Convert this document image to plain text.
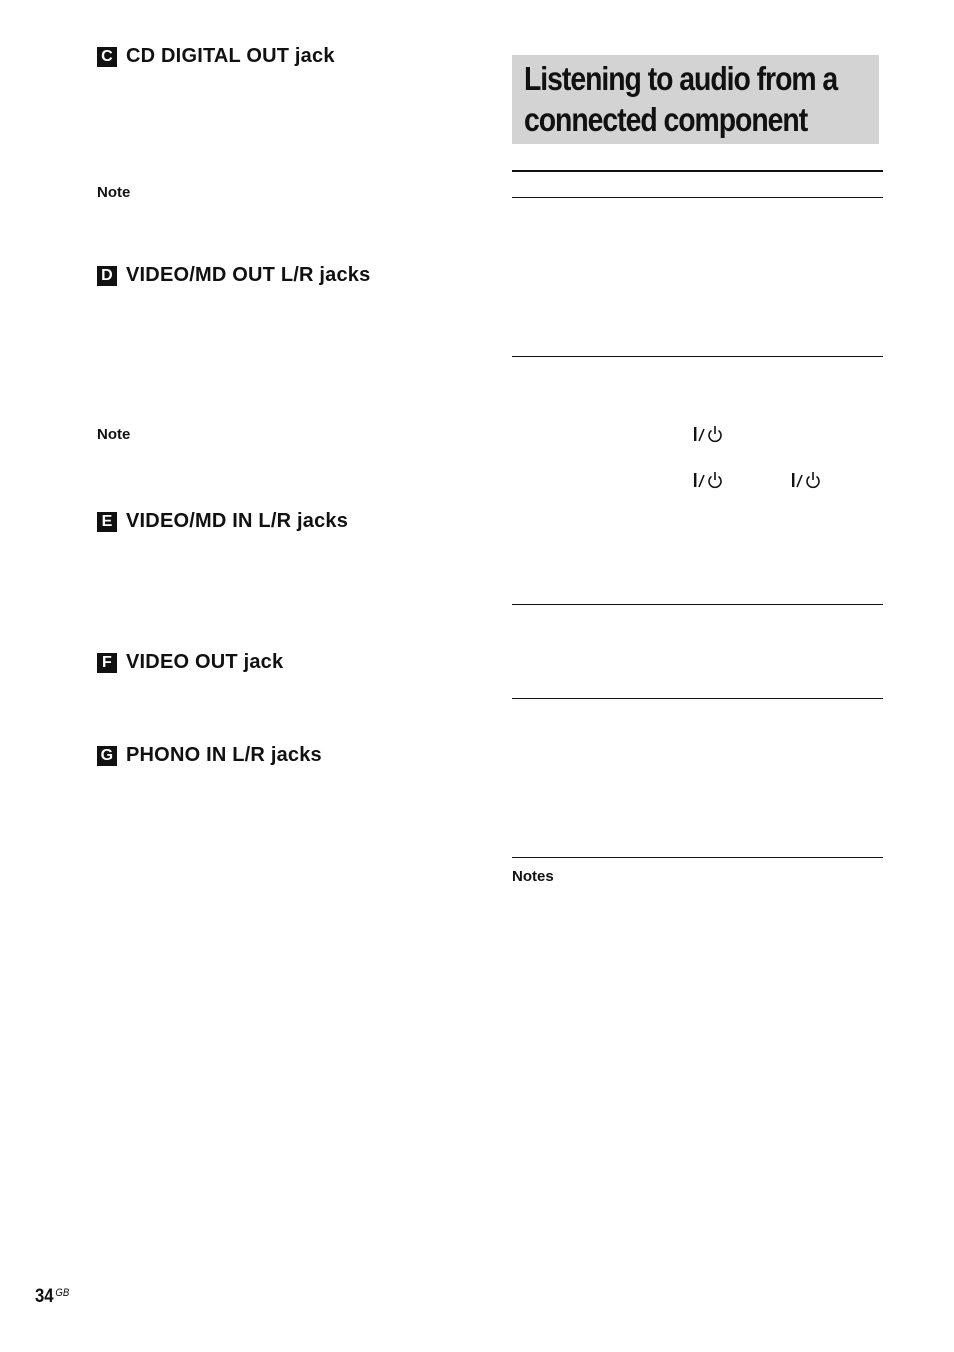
C CD DIGITAL OUT jack
Note
D VIDEO/MD OUT L/R jacks
Note
E VIDEO/MD IN L/R jacks
F VIDEO OUT jack
G PHONO IN L/R jacks
Listening to audio from a
connected component
Notes
34 $^{GB}$
